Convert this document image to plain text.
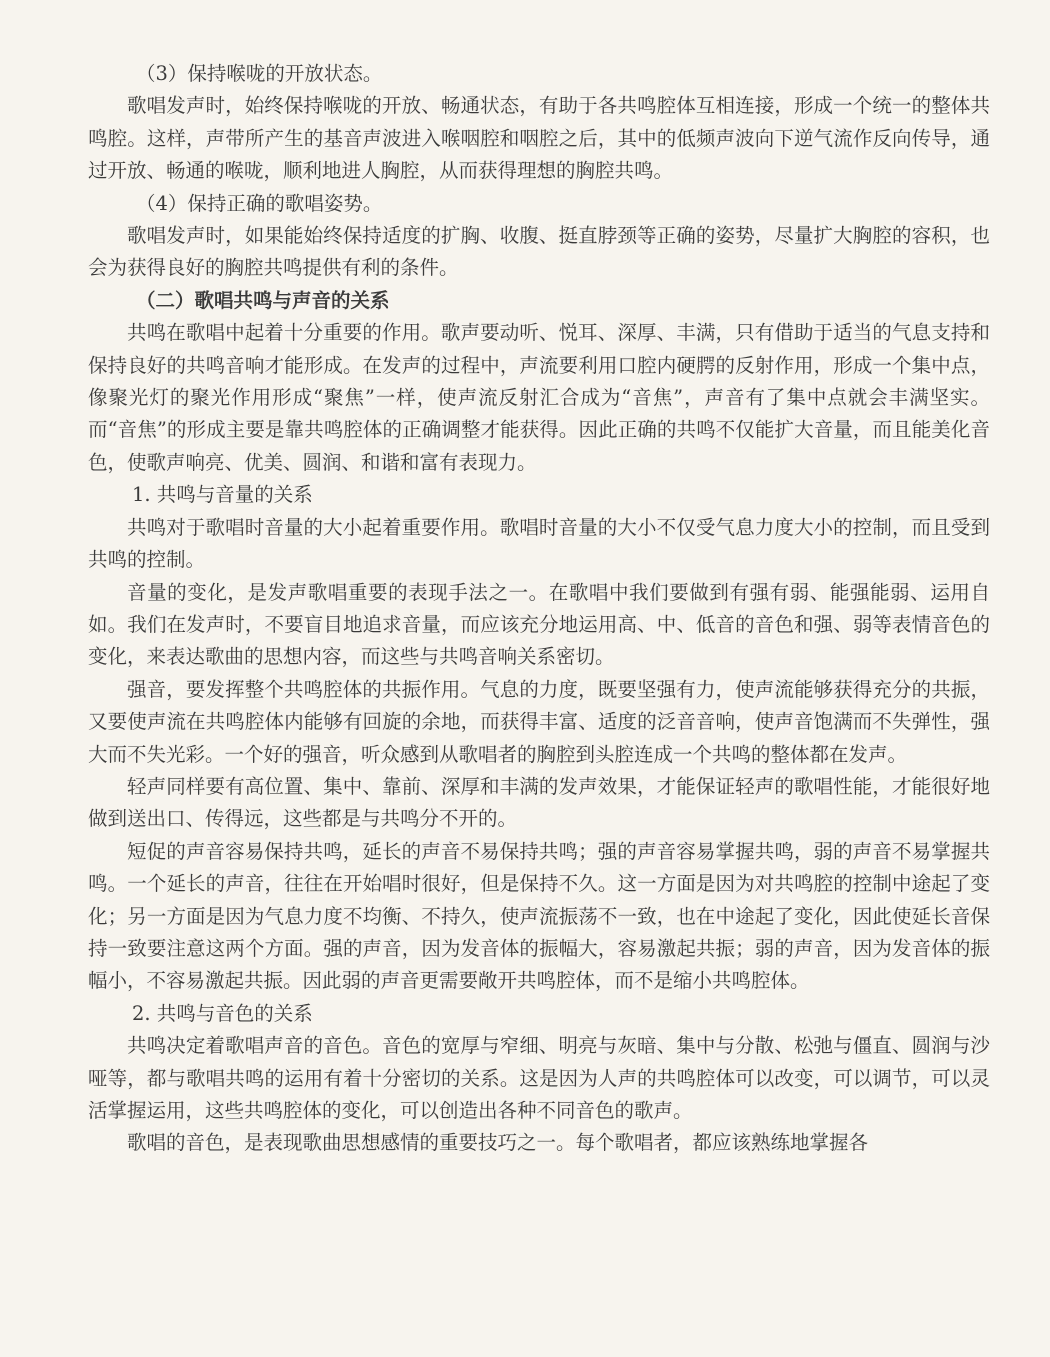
（3）保持喉咙的开放状态。

歌唱发声时，始终保持喉咙的开放、畅通状态，有助于各共鸣腔体互相连接，形成一个统一的整体共鸣腔。这样，声带所产生的基音声波进入喉咽腔和咽腔之后，其中的低频声波向下逆气流作反向传导，通过开放、畅通的喉咙，顺利地进人胸腔，从而获得理想的胸腔共鸣。

（4）保持正确的歌唱姿势。

歌唱发声时，如果能始终保持适度的扩胸、收腹、挺直脖颈等正确的姿势，尽量扩大胸腔的容积，也会为获得良好的胸腔共鸣提供有利的条件。

（二）歌唱共鸣与声音的关系

共鸣在歌唱中起着十分重要的作用。歌声要动听、悦耳、深厚、丰满，只有借助于适当的气息支持和保持良好的共鸣音响才能形成。在发声的过程中，声流要利用口腔内硬腭的反射作用，形成一个集中点，像聚光灯的聚光作用形成“聚焦”一样，使声流反射汇合成为“音焦”，声音有了集中点就会丰满坚实。而“音焦”的形成主要是靠共鸣腔体的正确调整才能获得。因此正确的共鸣不仅能扩大音量，而且能美化音色，使歌声响亮、优美、圆润、和谐和富有表现力。

1. 共鸣与音量的关系

共鸣对于歌唱时音量的大小起着重要作用。歌唱时音量的大小不仅受气息力度大小的控制，而且受到共鸣的控制。

音量的变化，是发声歌唱重要的表现手法之一。在歌唱中我们要做到有强有弱、能强能弱、运用自如。我们在发声时，不要盲目地追求音量，而应该充分地运用高、中、低音的音色和强、弱等表情音色的变化，来表达歌曲的思想内容，而这些与共鸣音响关系密切。

强音，要发挥整个共鸣腔体的共振作用。气息的力度，既要坚强有力，使声流能够获得充分的共振，又要使声流在共鸣腔体内能够有回旋的余地，而获得丰富、适度的泛音音响，使声音饱满而不失弹性，强大而不失光彩。一个好的强音，听众感到从歌唱者的胸腔到头腔连成一个共鸣的整体都在发声。

轻声同样要有高位置、集中、靠前、深厚和丰满的发声效果，才能保证轻声的歌唱性能，才能很好地做到送出口、传得远，这些都是与共鸣分不开的。

短促的声音容易保持共鸣，延长的声音不易保持共鸣；强的声音容易掌握共鸣，弱的声音不易掌握共鸣。一个延长的声音，往往在开始唱时很好，但是保持不久。这一方面是因为对共鸣腔的控制中途起了变化；另一方面是因为气息力度不均衡、不持久，使声流振荡不一致，也在中途起了变化，因此使延长音保持一致要注意这两个方面。强的声音，因为发音体的振幅大，容易激起共振；弱的声音，因为发音体的振幅小，不容易激起共振。因此弱的声音更需要敞开共鸣腔体，而不是缩小共鸣腔体。

2. 共鸣与音色的关系

共鸣决定着歌唱声音的音色。音色的宽厚与窄细、明亮与灰暗、集中与分散、松弛与僵直、圆润与沙哑等，都与歌唱共鸣的运用有着十分密切的关系。这是因为人声的共鸣腔体可以改变，可以调节，可以灵活掌握运用，这些共鸣腔体的变化，可以创造出各种不同音色的歌声。

歌唱的音色，是表现歌曲思想感情的重要技巧之一。每个歌唱者，都应该熟练地掌握各
